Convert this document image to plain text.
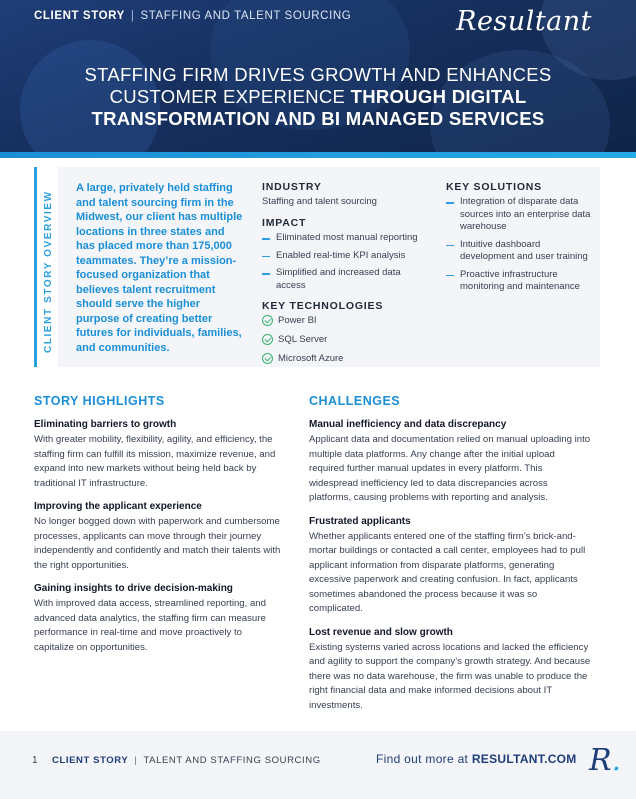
CLIENT STORY | STAFFING AND TALENT SOURCING	Resultant
STAFFING FIRM DRIVES GROWTH AND ENHANCES CUSTOMER EXPERIENCE THROUGH DIGITAL TRANSFORMATION AND BI MANAGED SERVICES
CLIENT STORY OVERVIEW

A large, privately held staffing and talent sourcing firm in the Midwest, our client has multiple locations in three states and has placed more than 175,000 teammates. They’re a mission-focused organization that believes talent recruitment should serve the higher purpose of creating better futures for individuals, families, and communities.

INDUSTRY
Staffing and talent sourcing
IMPACT
Eliminated most manual reporting
Enabled real-time KPI analysis
Simplified and increased data access
KEY TECHNOLOGIES
Power BI
SQL Server
Microsoft Azure
KEY SOLUTIONS
Integration of disparate data sources into an enterprise data warehouse
Intuitive dashboard development and user training
Proactive infrastructure monitoring and maintenance
STORY HIGHLIGHTS
Eliminating barriers to growth

With greater mobility, flexibility, agility, and efficiency, the staffing firm can fulfill its mission, maximize revenue, and expand into new markets without being held back by traditional IT infrastructure.

Improving the applicant experience

No longer bogged down with paperwork and cumbersome processes, applicants can move through their journey independently and confidently and match their talents with the right opportunities.

Gaining insights to drive decision-making

With improved data access, streamlined reporting, and advanced data analytics, the staffing firm can measure performance in real-time and move proactively to capitalize on opportunities.

CHALLENGES
Manual inefficiency and data discrepancy

Applicant data and documentation relied on manual uploading into multiple data platforms. Any change after the initial upload required further manual updates in every platform. This widespread inefficiency led to data discrepancies across platforms, causing problems with reporting and analysis.

Frustrated applicants

Whether applicants entered one of the staffing firm’s brick-and-mortar buildings or contacted a call center, employees had to pull applicant information from disparate platforms, generating excessive paperwork and creating confusion. In fact, applicants sometimes abandoned the process because it was so complicated.

Lost revenue and slow growth

Existing systems varied across locations and lacked the efficiency and agility to support the company’s growth strategy. And because there was no data warehouse, the firm was unable to produce the right financial data and make informed decisions about IT investments.

1 CLIENT STORY | TALENT AND STAFFING SOURCING	Find out more at RESULTANT.COM R.
